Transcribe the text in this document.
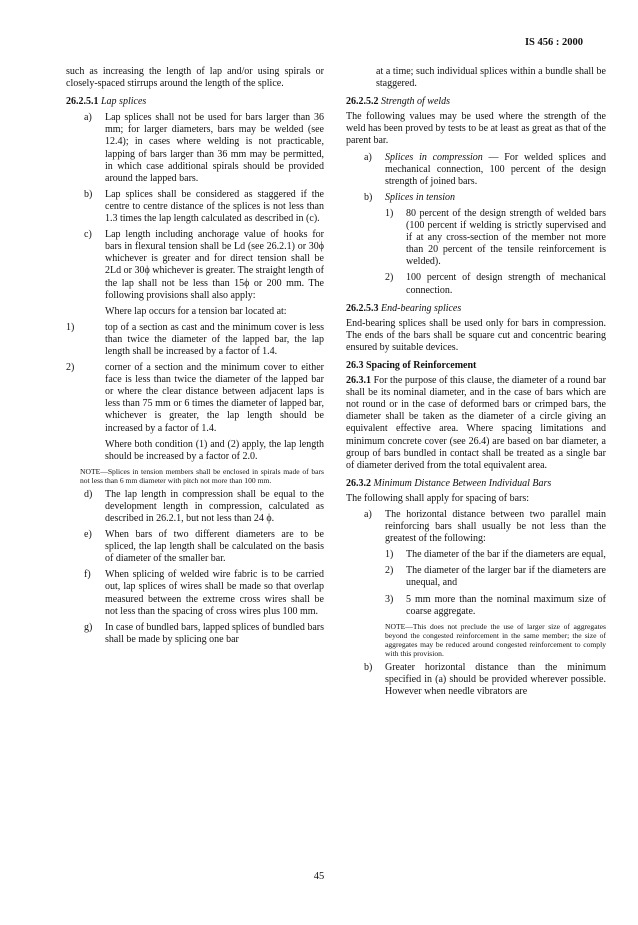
IS 456 : 2000

such as increasing the length of lap and/or using spirals or closely-spaced stirrups around the length of the splice.

26.2.5.1 Lap splices
a)	Lap splices shall not be used for bars larger than 36 mm; for larger diameters, bars may be welded (see 12.4); in cases where welding is not practicable, lapping of bars larger than 36 mm may be permitted, in which case additional spirals should be provided around the lapped bars.
b)	Lap splices shall be considered as staggered if the centre to centre distance of the splices is not less than 1.3 times the lap length calculated as described in (c).
c)	Lap length including anchorage value of hooks for bars in flexural tension shall be Ld (see 26.2.1) or 30ϕ whichever is greater and for direct tension shall be 2Ld or 30ϕ whichever is greater. The straight length of the lap shall not be less than 15ϕ or 200 mm. The following provisions shall also apply:

Where lap occurs for a tension bar located at:

1)	top of a section as cast and the minimum cover is less than twice the diameter of the lapped bar, the lap length shall be increased by a factor of 1.4.
2)	corner of a section and the minimum cover to either face is less than twice the diameter of the lapped bar or where the clear distance between adjacent laps is less than 75 mm or 6 times the diameter of lapped bar, whichever is greater, the lap length should be increased by a factor of 1.4.

Where both condition (1) and (2) apply, the lap length should be increased by a factor of 2.0.

NOTE—Splices in tension members shall be enclosed in spirals made of bars not less than 6 mm diameter with pitch not more than 100 mm.

d)	The lap length in compression shall be equal to the development length in compression, calculated as described in 26.2.1, but not less than 24 ϕ.
e)	When bars of two different diameters are to be spliced, the lap length shall be calculated on the basis of diameter of the smaller bar.
f)	When splicing of welded wire fabric is to be carried out, lap splices of wires shall be made so that overlap measured between the extreme cross wires shall be not less than the spacing of cross wires plus 100 mm.
g)	In case of bundled bars, lapped splices of bundled bars shall be made by splicing one bar

at a time; such individual splices within a bundle shall be staggered.

26.2.5.2 Strength of welds

The following values may be used where the strength of the weld has been proved by tests to be at least as great as that of the parent bar.

a)	Splices in compression — For welded splices and mechanical connection, 100 percent of the design strength of joined bars.
b)	Splices in tension
1)	80 percent of the design strength of welded bars (100 percent if welding is strictly supervised and if at any cross-section of the member not more than 20 percent of the tensile reinforcement is welded).
2)	100 percent of design strength of mechanical connection.
26.2.5.3 End-bearing splices

End-bearing splices shall be used only for bars in compression. The ends of the bars shall be square cut and concentric bearing ensured by suitable devices.

26.3 Spacing of Reinforcement

26.3.1 For the purpose of this clause, the diameter of a round bar shall be its nominal diameter, and in the case of bars which are not round or in the case of deformed bars or crimped bars, the diameter shall be taken as the diameter of a circle giving an equivalent effective area. Where spacing limitations and minimum concrete cover (see 26.4) are based on bar diameter, a group of bars bundled in contact shall be treated as a single bar of diameter derived from the total equivalent area.

26.3.2 Minimum Distance Between Individual Bars

The following shall apply for spacing of bars:

a)	The horizontal distance between two parallel main reinforcing bars shall usually be not less than the greatest of the following:
1)	The diameter of the bar if the diameters are equal,
2)	The diameter of the larger bar if the diameters are unequal, and
3)	5 mm more than the nominal maximum size of coarse aggregate.

NOTE—This does not preclude the use of larger size of aggregates beyond the congested reinforcement in the same member; the size of aggregates may be reduced around congested reinforcement to comply with this provision.

b)	Greater horizontal distance than the minimum specified in (a) should be provided wherever possible. However when needle vibrators are
45
